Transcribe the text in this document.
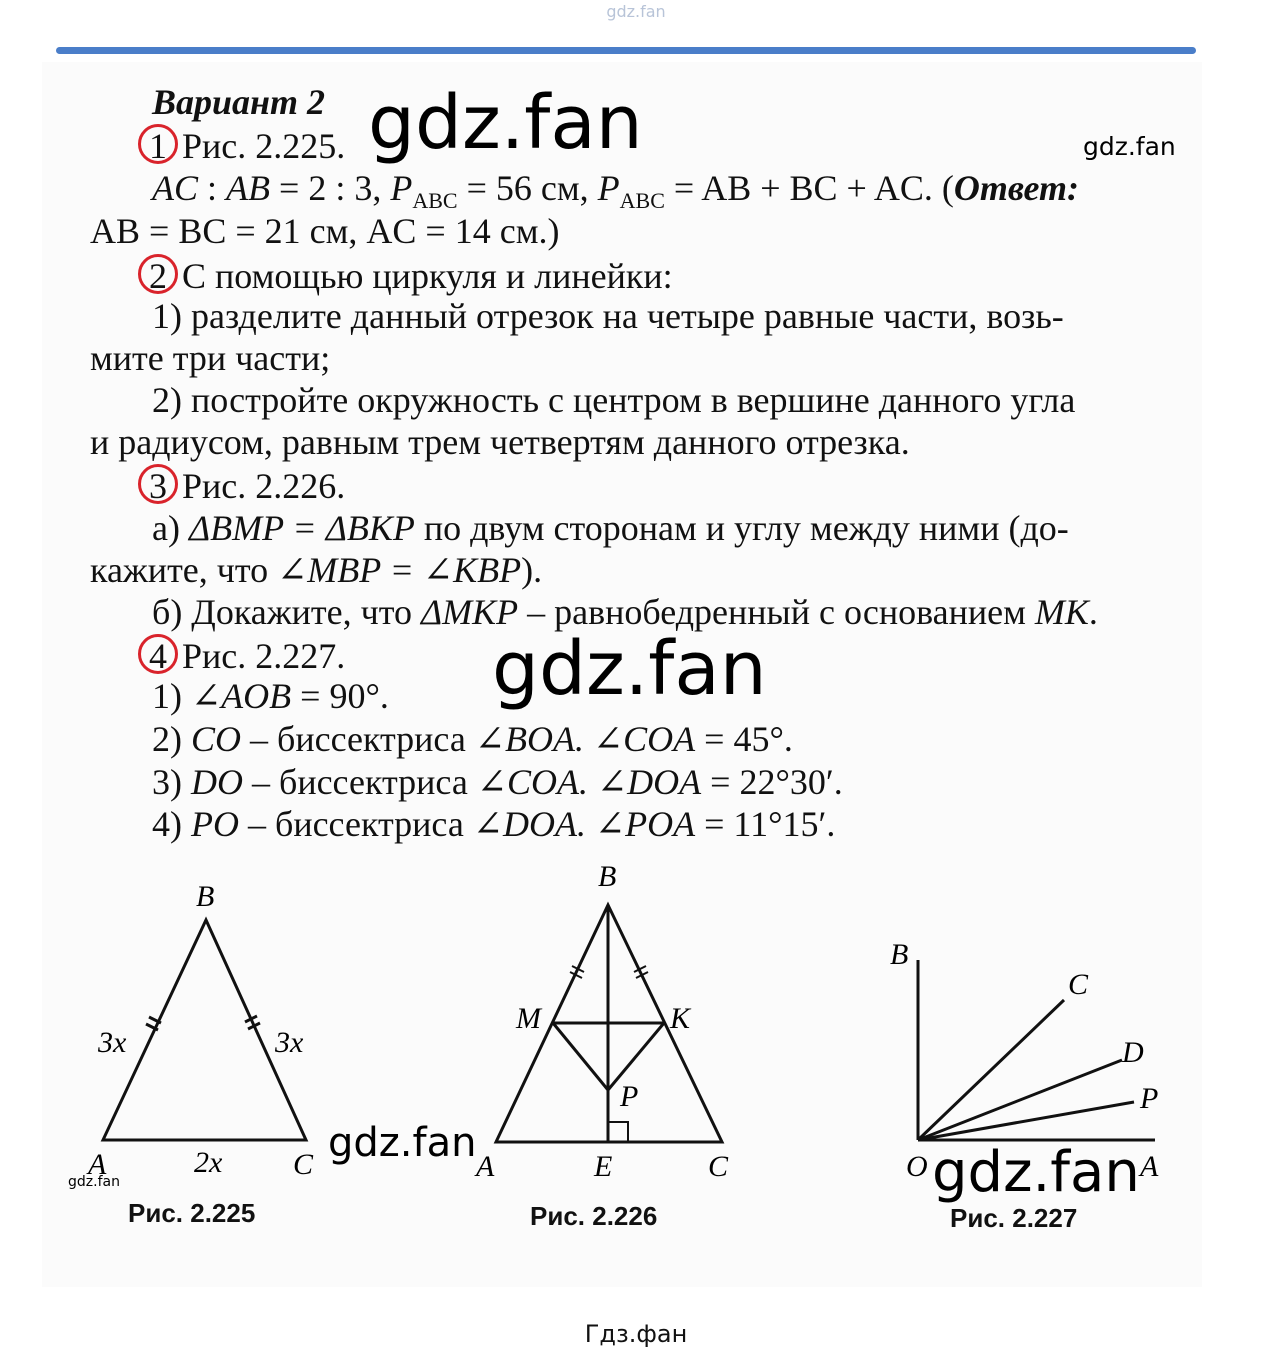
gdz.fan
Вариант 2
1 Рис. 2.225.
AC : AB = 2 : 3, $P_{ABC} = 56$ см, $P_{ABC}$ = AB + BC + AC. (Ответ:
AB = BC = 21 см, AC = 14 см.)
2 С помощью циркуля и линейки:
1) разделите данный отрезок на четыре равные части, возь-
мите три части;
2) постройте окружность с центром в вершине данного угла
и радиусом, равным трем четвертям данного отрезка.
3 Рис. 2.226.
а) ΔBMP = ΔBKP по двум сторонам и углу между ними (до-
кажите, что ∠MBP = ∠KBP).
б) Докажите, что ΔMKP – равнобедренный с основанием MK.
4 Рис. 2.227.
1) ∠AOB = 90°.
2) CO – биссектриса ∠BOA. ∠COA = 45°.
3) DO – биссектриса ∠COA. ∠DOA = 22°30′.
4) PO – биссектриса ∠DOA. ∠POA = 11°15′.
B
A	C
3x	3x
2x
B
M	K
P
A	E	C
B
C
D
P
O	A
Рис. 2.225	Рис. 2.226	Рис. 2.227
gdz.fan	gdz.fan
gdz.fan
gdz.fan
gdz.fan	gdz.fan
Гдз.фан
